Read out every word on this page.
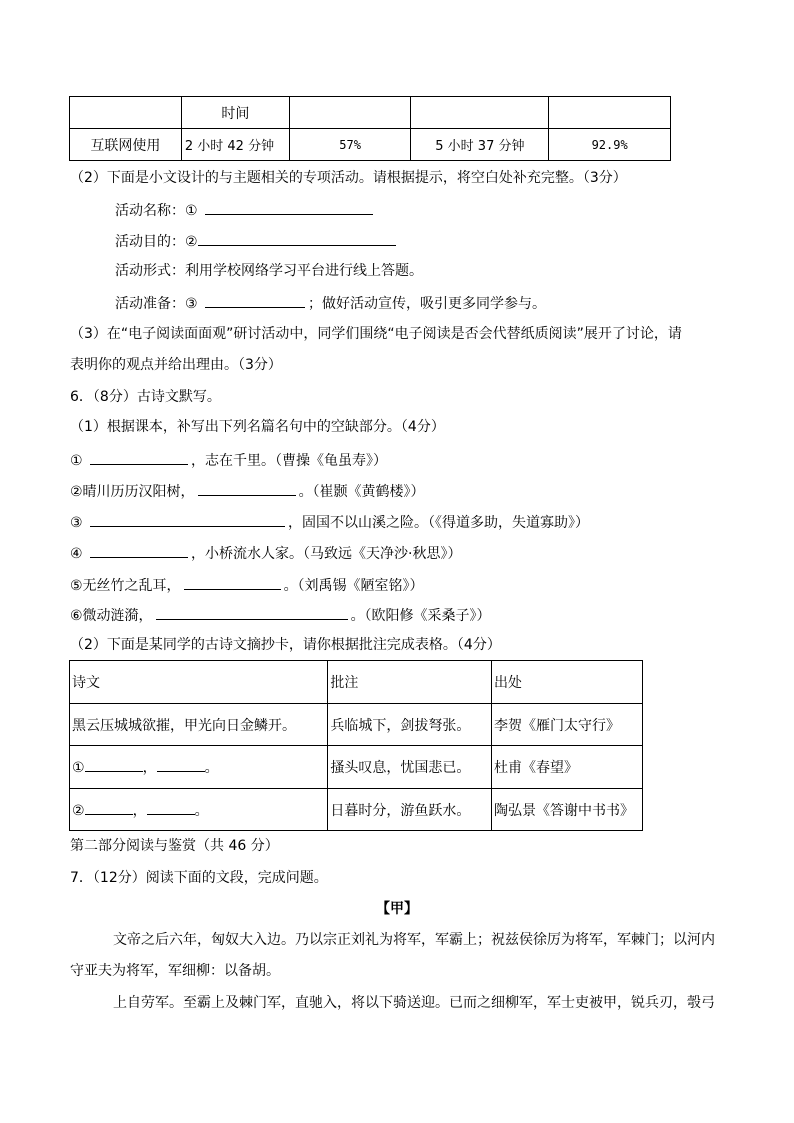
	时间			
互联网使用	2 小时 42 分钟	57%	5 小时 37 分钟	92.9%
（2）下面是小文设计的与主题相关的专项活动。请根据提示，将空白处补充完整。（3分）
活动名称：①
活动目的：②
活动形式：利用学校网络学习平台进行线上答题。
活动准备：③	；做好活动宣传，吸引更多同学参与。
（3）在“电子阅读面面观”研讨活动中，同学们围绕“电子阅读是否会代替纸质阅读”展开了讨论，请
表明你的观点并给出理由。（3分）
6．（8分）古诗文默写。
（1）根据课本，补写出下列名篇名句中的空缺部分。（4分）
①	，志在千里。（曹操《龟虽寿》）
②晴川历历汉阳树，	。（崔颢《黄鹤楼》）
③	，固国不以山溪之险。（《得道多助，失道寡助》）
④	，小桥流水人家。（马致远《天净沙·秋思》）
⑤无丝竹之乱耳，	。（刘禹锡《陋室铭》）
⑥微动涟漪，	。（欧阳修《采桑子》）
（2）下面是某同学的古诗文摘抄卡，请你根据批注完成表格。（4分）
诗文	批注	出处
黑云压城城欲摧，甲光向日金鳞开。	兵临城下，剑拔弩张。	李贺《雁门太守行》
① ， 。	搔头叹息，忧国悲已。	杜甫《春望》
② ， 。	日暮时分，游鱼跃水。	陶弘景《答谢中书书》
第二部分阅读与鉴赏（共 46 分）
7．（12分）阅读下面的文段，完成问题。
【甲】
文帝之后六年，匈奴大入边。乃以宗正刘礼为将军，军霸上；祝兹侯徐厉为将军，军棘门；以河内
守亚夫为将军，军细柳：以备胡。
上自劳军。至霸上及棘门军，直驰入，将以下骑送迎。已而之细柳军，军士吏被甲，锐兵刃，彀弓
